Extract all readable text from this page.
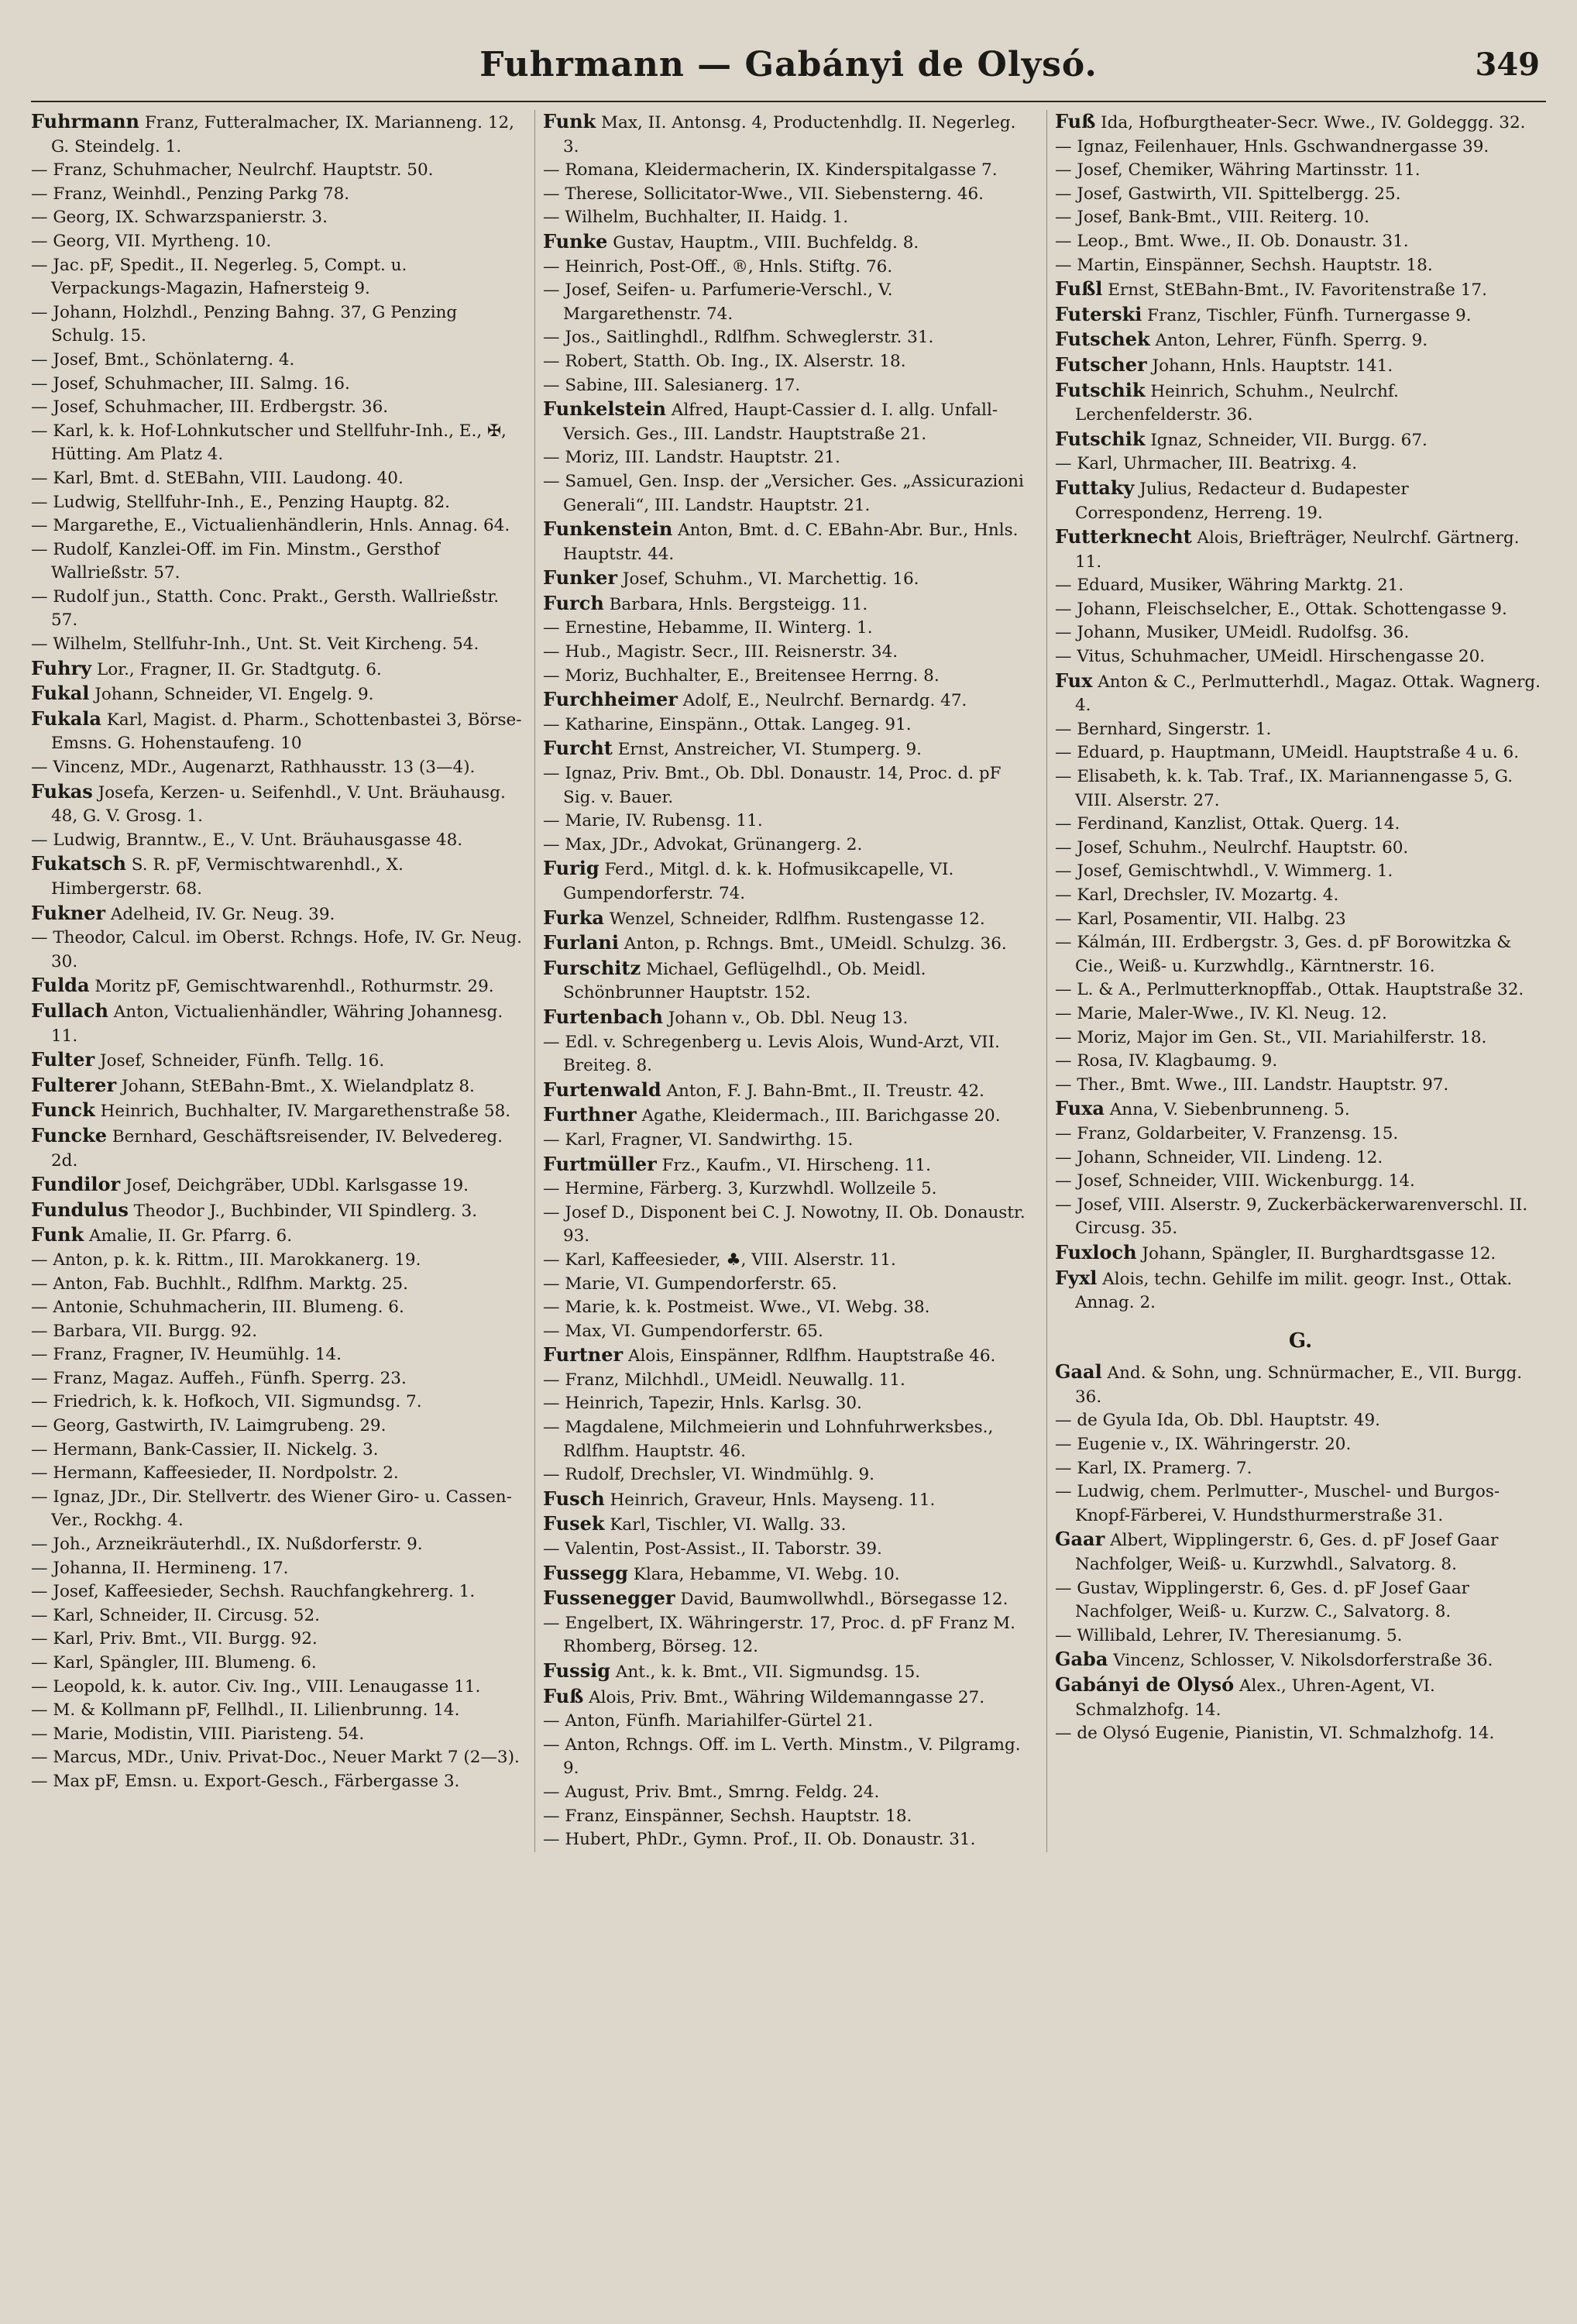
Fuhrmann — Gabányi de Olysó.	349
Fuhrmann Franz, Futteralmacher, IX. Marianneng. 12, G. Steindelg. 1.
— Franz, Schuhmacher, Neulrchf. Hauptstr. 50.
— Franz, Weinhdl., Penzing Parkg 78.
— Georg, IX. Schwarzspanierstr. 3.
— Georg, VII. Myrtheng. 10.
— Jac. pF, Spedit., II. Negerleg. 5, Compt. u. Verpackungs-Magazin, Hafnersteig 9.
— Johann, Holzhdl., Penzing Bahng. 37, G Penzing Schulg. 15.
— Josef, Bmt., Schönlaterng. 4.
— Josef, Schuhmacher, III. Salmg. 16.
— Josef, Schuhmacher, III. Erdbergstr. 36.
— Karl, k. k. Hof-Lohnkutscher und Stellfuhr-Inh., E., ✠, Hütting. Am Platz 4.
— Karl, Bmt. d. StEBahn, VIII. Laudong. 40.
— Ludwig, Stellfuhr-Inh., E., Penzing Hauptg. 82.
— Margarethe, E., Victualienhändlerin, Hnls. Annag. 64.
— Rudolf, Kanzlei-Off. im Fin. Minstm., Gersthof Wallrießstr. 57.
— Rudolf jun., Statth. Conc. Prakt., Gersth. Wallrießstr. 57.
— Wilhelm, Stellfuhr-Inh., Unt. St. Veit Kircheng. 54.
Fuhry Lor., Fragner, II. Gr. Stadtgutg. 6.
Fukal Johann, Schneider, VI. Engelg. 9.
Fukala Karl, Magist. d. Pharm., Schottenbastei 3, Börse-Emsns. G. Hohenstaufeng. 10
— Vincenz, MDr., Augenarzt, Rathhausstr. 13 (3—4).
Fukas Josefa, Kerzen- u. Seifenhdl., V. Unt. Bräuhausg. 48, G. V. Grosg. 1.
— Ludwig, Branntw., E., V. Unt. Bräuhausgasse 48.
Fukatsch S. R. pF, Vermischtwarenhdl., X. Himbergerstr. 68.
Fukner Adelheid, IV. Gr. Neug. 39.
— Theodor, Calcul. im Oberst. Rchngs. Hofe, IV. Gr. Neug. 30.
Fulda Moritz pF, Gemischtwarenhdl., Rothurmstr. 29.
Fullach Anton, Victualienhändler, Währing Johannesg. 11.
Fulter Josef, Schneider, Fünfh. Tellg. 16.
Fulterer Johann, StEBahn-Bmt., X. Wielandplatz 8.
Funck Heinrich, Buchhalter, IV. Margarethenstraße 58.
Funcke Bernhard, Geschäftsreisender, IV. Belvedereg. 2d.
Fundilor Josef, Deichgräber, UDbl. Karlsgasse 19.
Fundulus Theodor J., Buchbinder, VII Spindlerg. 3.
Funk Amalie, II. Gr. Pfarrg. 6.
— Anton, p. k. k. Rittm., III. Marokkanerg. 19.
— Anton, Fab. Buchhlt., Rdlfhm. Marktg. 25.
— Antonie, Schuhmacherin, III. Blumeng. 6.
— Barbara, VII. Burgg. 92.
— Franz, Fragner, IV. Heumühlg. 14.
— Franz, Magaz. Auffeh., Fünfh. Sperrg. 23.
— Friedrich, k. k. Hofkoch, VII. Sigmundsg. 7.
— Georg, Gastwirth, IV. Laimgrubeng. 29.
— Hermann, Bank-Cassier, II. Nickelg. 3.
— Hermann, Kaffeesieder, II. Nordpolstr. 2.
— Ignaz, JDr., Dir. Stellvertr. des Wiener Giro- u. Cassen-Ver., Rockhg. 4.
— Joh., Arzneikräuterhdl., IX. Nußdorferstr. 9.
— Johanna, II. Hermineng. 17.
— Josef, Kaffeesieder, Sechsh. Rauchfangkehrerg. 1.
— Karl, Schneider, II. Circusg. 52.
— Karl, Priv. Bmt., VII. Burgg. 92.
— Karl, Spängler, III. Blumeng. 6.
— Leopold, k. k. autor. Civ. Ing., VIII. Lenaugasse 11.
— M. & Kollmann pF, Fellhdl., II. Lilienbrunng. 14.
— Marie, Modistin, VIII. Piaristeng. 54.
— Marcus, MDr., Univ. Privat-Doc., Neuer Markt 7 (2—3).
— Max pF, Emsn. u. Export-Gesch., Färbergasse 3.
Funk Max, II. Antonsg. 4, Productenhdlg. II. Negerleg. 3.
— Romana, Kleidermacherin, IX. Kinderspitalgasse 7.
— Therese, Sollicitator-Wwe., VII. Siebensterng. 46.
— Wilhelm, Buchhalter, II. Haidg. 1.
Funke Gustav, Hauptm., VIII. Buchfeldg. 8.
— Heinrich, Post-Off., ®, Hnls. Stiftg. 76.
— Josef, Seifen- u. Parfumerie-Verschl., V. Margarethenstr. 74.
— Jos., Saitlinghdl., Rdlfhm. Schweglerstr. 31.
— Robert, Statth. Ob. Ing., IX. Alserstr. 18.
— Sabine, III. Salesianerg. 17.
Funkelstein Alfred, Haupt-Cassier d. I. allg. Unfall-Versich. Ges., III. Landstr. Hauptstraße 21.
— Moriz, III. Landstr. Hauptstr. 21.
— Samuel, Gen. Insp. der „Versicher. Ges. „Assicurazioni Generali“, III. Landstr. Hauptstr. 21.
Funkenstein Anton, Bmt. d. C. EBahn-Abr. Bur., Hnls. Hauptstr. 44.
Funker Josef, Schuhm., VI. Marchettig. 16.
Furch Barbara, Hnls. Bergsteigg. 11.
— Ernestine, Hebamme, II. Winterg. 1.
— Hub., Magistr. Secr., III. Reisnerstr. 34.
— Moriz, Buchhalter, E., Breitensee Herrng. 8.
Furchheimer Adolf, E., Neulrchf. Bernardg. 47.
— Katharine, Einspänn., Ottak. Langeg. 91.
Furcht Ernst, Anstreicher, VI. Stumperg. 9.
— Ignaz, Priv. Bmt., Ob. Dbl. Donaustr. 14, Proc. d. pF Sig. v. Bauer.
— Marie, IV. Rubensg. 11.
— Max, JDr., Advokat, Grünangerg. 2.
Furig Ferd., Mitgl. d. k. k. Hofmusikcapelle, VI. Gumpendorferstr. 74.
Furka Wenzel, Schneider, Rdlfhm. Rustengasse 12.
Furlani Anton, p. Rchngs. Bmt., UMeidl. Schulzg. 36.
Furschitz Michael, Geflügelhdl., Ob. Meidl. Schönbrunner Hauptstr. 152.
Furtenbach Johann v., Ob. Dbl. Neug 13.
— Edl. v. Schregenberg u. Levis Alois, Wund-Arzt, VII. Breiteg. 8.
Furtenwald Anton, F. J. Bahn-Bmt., II. Treustr. 42.
Furthner Agathe, Kleidermach., III. Barichgasse 20.
— Karl, Fragner, VI. Sandwirthg. 15.
Furtmüller Frz., Kaufm., VI. Hirscheng. 11.
— Hermine, Färberg. 3, Kurzwhdl. Wollzeile 5.
— Josef D., Disponent bei C. J. Nowotny, II. Ob. Donaustr. 93.
— Karl, Kaffeesieder, ♣, VIII. Alserstr. 11.
— Marie, VI. Gumpendorferstr. 65.
— Marie, k. k. Postmeist. Wwe., VI. Webg. 38.
— Max, VI. Gumpendorferstr. 65.
Furtner Alois, Einspänner, Rdlfhm. Hauptstraße 46.
— Franz, Milchhdl., UMeidl. Neuwallg. 11.
— Heinrich, Tapezir, Hnls. Karlsg. 30.
— Magdalene, Milchmeierin und Lohnfuhrwerksbes., Rdlfhm. Hauptstr. 46.
— Rudolf, Drechsler, VI. Windmühlg. 9.
Fusch Heinrich, Graveur, Hnls. Mayseng. 11.
Fusek Karl, Tischler, VI. Wallg. 33.
— Valentin, Post-Assist., II. Taborstr. 39.
Fussegg Klara, Hebamme, VI. Webg. 10.
Fussenegger David, Baumwollwhdl., Börsegasse 12.
— Engelbert, IX. Währingerstr. 17, Proc. d. pF Franz M. Rhomberg, Börseg. 12.
Fussig Ant., k. k. Bmt., VII. Sigmundsg. 15.
Fuß Alois, Priv. Bmt., Währing Wildemanngasse 27.
— Anton, Fünfh. Mariahilfer-Gürtel 21.
— Anton, Rchngs. Off. im L. Verth. Minstm., V. Pilgramg. 9.
— August, Priv. Bmt., Smrng. Feldg. 24.
— Franz, Einspänner, Sechsh. Hauptstr. 18.
— Hubert, PhDr., Gymn. Prof., II. Ob. Donaustr. 31.
Fuß Ida, Hofburgtheater-Secr. Wwe., IV. Goldeggg. 32.
— Ignaz, Feilenhauer, Hnls. Gschwandnergasse 39.
— Josef, Chemiker, Währing Martinsstr. 11.
— Josef, Gastwirth, VII. Spittelbergg. 25.
— Josef, Bank-Bmt., VIII. Reiterg. 10.
— Leop., Bmt. Wwe., II. Ob. Donaustr. 31.
— Martin, Einspänner, Sechsh. Hauptstr. 18.
Fußl Ernst, StEBahn-Bmt., IV. Favoritenstraße 17.
Futerski Franz, Tischler, Fünfh. Turnergasse 9.
Futschek Anton, Lehrer, Fünfh. Sperrg. 9.
Futscher Johann, Hnls. Hauptstr. 141.
Futschik Heinrich, Schuhm., Neulrchf. Lerchenfelderstr. 36.
Futschik Ignaz, Schneider, VII. Burgg. 67.
— Karl, Uhrmacher, III. Beatrixg. 4.
Futtaky Julius, Redacteur d. Budapester Correspondenz, Herreng. 19.
Futterknecht Alois, Briefträger, Neulrchf. Gärtnerg. 11.
— Eduard, Musiker, Währing Marktg. 21.
— Johann, Fleischselcher, E., Ottak. Schottengasse 9.
— Johann, Musiker, UMeidl. Rudolfsg. 36.
— Vitus, Schuhmacher, UMeidl. Hirschengasse 20.
Fux Anton & C., Perlmutterhdl., Magaz. Ottak. Wagnerg. 4.
— Bernhard, Singerstr. 1.
— Eduard, p. Hauptmann, UMeidl. Hauptstraße 4 u. 6.
— Elisabeth, k. k. Tab. Traf., IX. Mariannengasse 5, G. VIII. Alserstr. 27.
— Ferdinand, Kanzlist, Ottak. Querg. 14.
— Josef, Schuhm., Neulrchf. Hauptstr. 60.
— Josef, Gemischtwhdl., V. Wimmerg. 1.
— Karl, Drechsler, IV. Mozartg. 4.
— Karl, Posamentir, VII. Halbg. 23
— Kálmán, III. Erdbergstr. 3, Ges. d. pF Borowitzka & Cie., Weiß- u. Kurzwhdlg., Kärntnerstr. 16.
— L. & A., Perlmutterknopffab., Ottak. Hauptstraße 32.
— Marie, Maler-Wwe., IV. Kl. Neug. 12.
— Moriz, Major im Gen. St., VII. Mariahilferstr. 18.
— Rosa, IV. Klagbaumg. 9.
— Ther., Bmt. Wwe., III. Landstr. Hauptstr. 97.
Fuxa Anna, V. Siebenbrunneng. 5.
— Franz, Goldarbeiter, V. Franzensg. 15.
— Johann, Schneider, VII. Lindeng. 12.
— Josef, Schneider, VIII. Wickenburgg. 14.
— Josef, VIII. Alserstr. 9, Zuckerbäckerwarenverschl. II. Circusg. 35.
Fuxloch Johann, Spängler, II. Burghardtsgasse 12.
Fyxl Alois, techn. Gehilfe im milit. geogr. Inst., Ottak. Annag. 2.
G.
Gaal And. & Sohn, ung. Schnürmacher, E., VII. Burgg. 36.
— de Gyula Ida, Ob. Dbl. Hauptstr. 49.
— Eugenie v., IX. Währingerstr. 20.
— Karl, IX. Pramerg. 7.
— Ludwig, chem. Perlmutter-, Muschel- und Burgos-Knopf-Färberei, V. Hundsthurmerstraße 31.
Gaar Albert, Wipplingerstr. 6, Ges. d. pF Josef Gaar Nachfolger, Weiß- u. Kurzwhdl., Salvatorg. 8.
— Gustav, Wipplingerstr. 6, Ges. d. pF Josef Gaar Nachfolger, Weiß- u. Kurzw. C., Salvatorg. 8.
— Willibald, Lehrer, IV. Theresianumg. 5.
Gaba Vincenz, Schlosser, V. Nikolsdorferstraße 36.
Gabányi de Olysó Alex., Uhren-Agent, VI. Schmalzhofg. 14.
— de Olysó Eugenie, Pianistin, VI. Schmalzhofg. 14.
